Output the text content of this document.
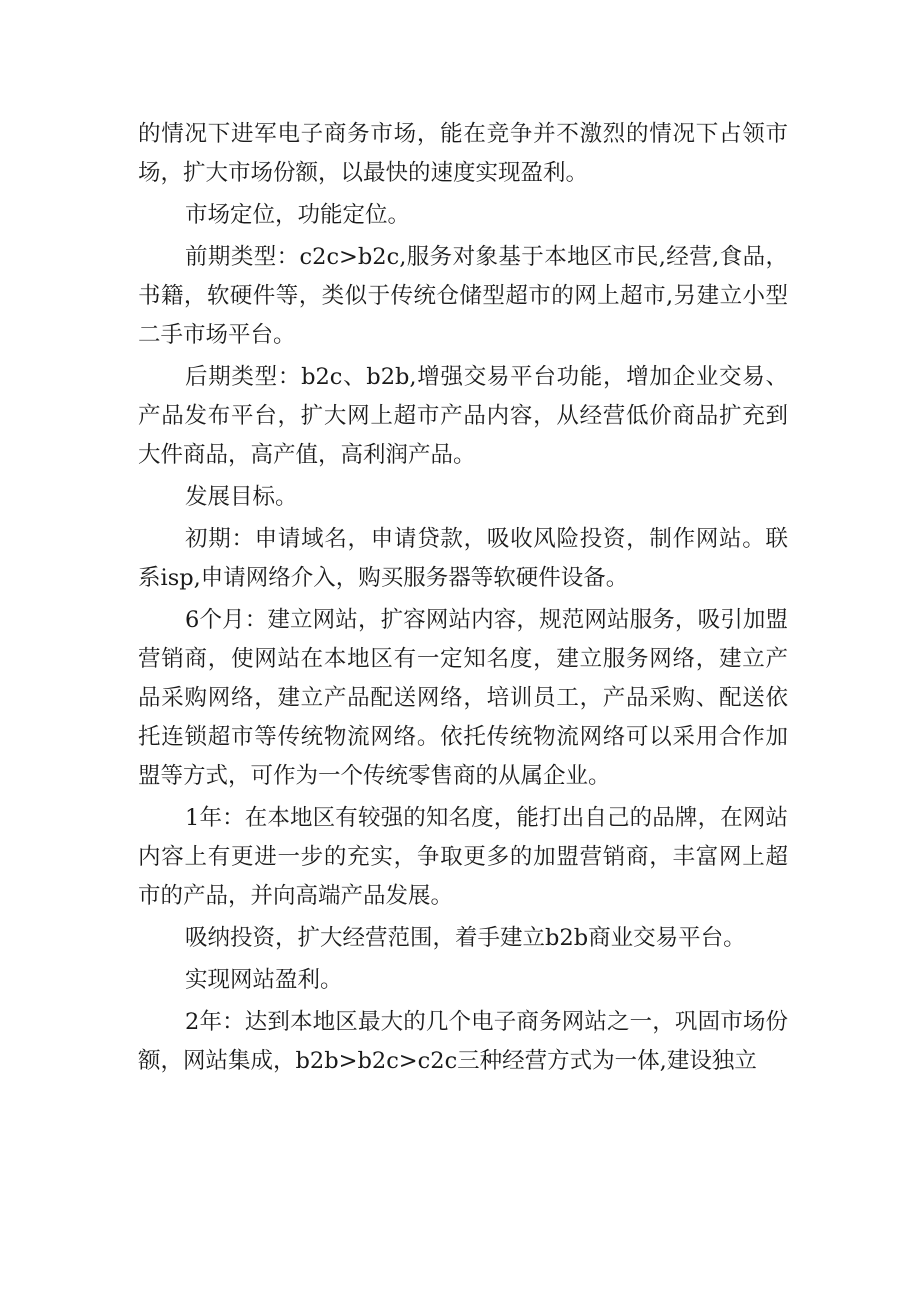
的情况下进军电子商务市场，能在竞争并不激烈的情况下占领市场，扩大市场份额，以最快的速度实现盈利。

市场定位，功能定位。

前期类型：c2c>b2c,服务对象基于本地区市民,经营,食品，书籍，软硬件等，类似于传统仓储型超市的网上超市,另建立小型二手市场平台。

后期类型：b2c、b2b,增强交易平台功能，增加企业交易、产品发布平台，扩大网上超市产品内容，从经营低价商品扩充到大件商品，高产值，高利润产品。

发展目标。

初期：申请域名，申请贷款，吸收风险投资，制作网站。联系isp,申请网络介入，购买服务器等软硬件设备。

6个月：建立网站，扩容网站内容，规范网站服务，吸引加盟营销商，使网站在本地区有一定知名度，建立服务网络，建立产品采购网络，建立产品配送网络，培训员工，产品采购、配送依托连锁超市等传统物流网络。依托传统物流网络可以采用合作加盟等方式，可作为一个传统零售商的从属企业。

1年：在本地区有较强的知名度，能打出自己的品牌，在网站内容上有更进一步的充实，争取更多的加盟营销商，丰富网上超市的产品，并向高端产品发展。

吸纳投资，扩大经营范围，着手建立b2b商业交易平台。

实现网站盈利。

2年：达到本地区最大的几个电子商务网站之一，巩固市场份额，网站集成，b2b>b2c>c2c三种经营方式为一体,建设独立
